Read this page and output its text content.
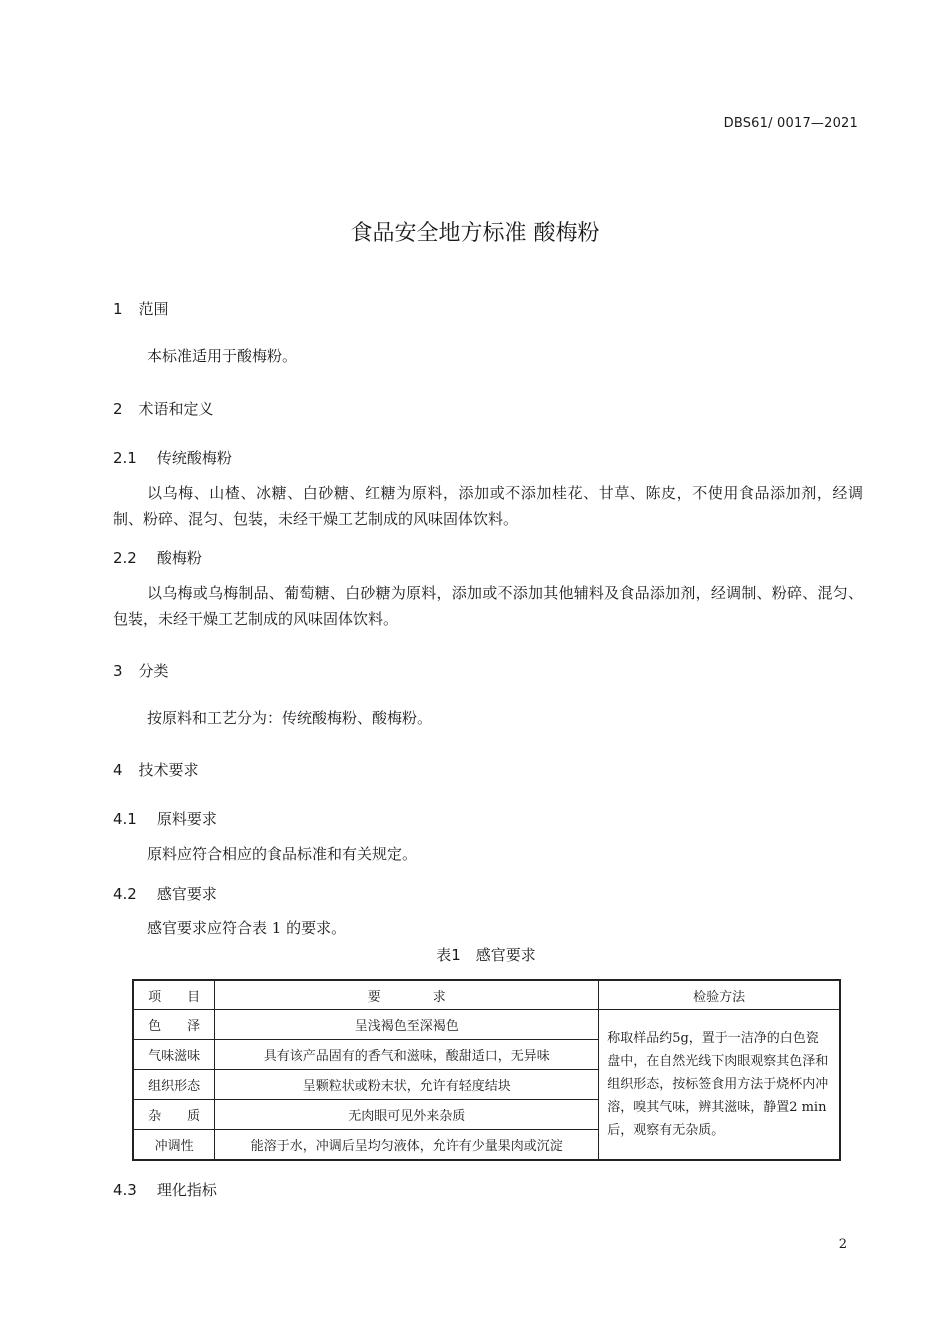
DBS61/ 0017—2021
食品安全地方标准 酸梅粉
1 范围
本标准适用于酸梅粉。
2 术语和定义
2.1 传统酸梅粉
以乌梅、山楂、冰糖、白砂糖、红糖为原料，添加或不添加桂花、甘草、陈皮，不使用食品添加剂，经调制、粉碎、混匀、包装，未经干燥工艺制成的风味固体饮料。
2.2 酸梅粉
以乌梅或乌梅制品、葡萄糖、白砂糖为原料，添加或不添加其他辅料及食品添加剂，经调制、粉碎、混匀、包装，未经干燥工艺制成的风味固体饮料。
3 分类
按原料和工艺分为：传统酸梅粉、酸梅粉。
4 技术要求
4.1 原料要求
原料应符合相应的食品标准和有关规定。
4.2 感官要求
感官要求应符合表 1 的要求。
表1　感官要求
项　　目	要　　　　求	检验方法
色　　泽	呈浅褐色至深褐色	称取样品约5g，置于一洁净的白色瓷盘中，在自然光线下肉眼观察其色泽和组织形态，按标签食用方法于烧杯内冲溶，嗅其气味，辨其滋味，静置2 min后，观察有无杂质。
气味滋味	具有该产品固有的香气和滋味，酸甜适口，无异味	
组织形态	呈颗粒状或粉末状，允许有轻度结块	
杂　　质	无肉眼可见外来杂质	
冲调性	能溶于水，冲调后呈均匀液体，允许有少量果肉或沉淀	
4.3 理化指标
2
